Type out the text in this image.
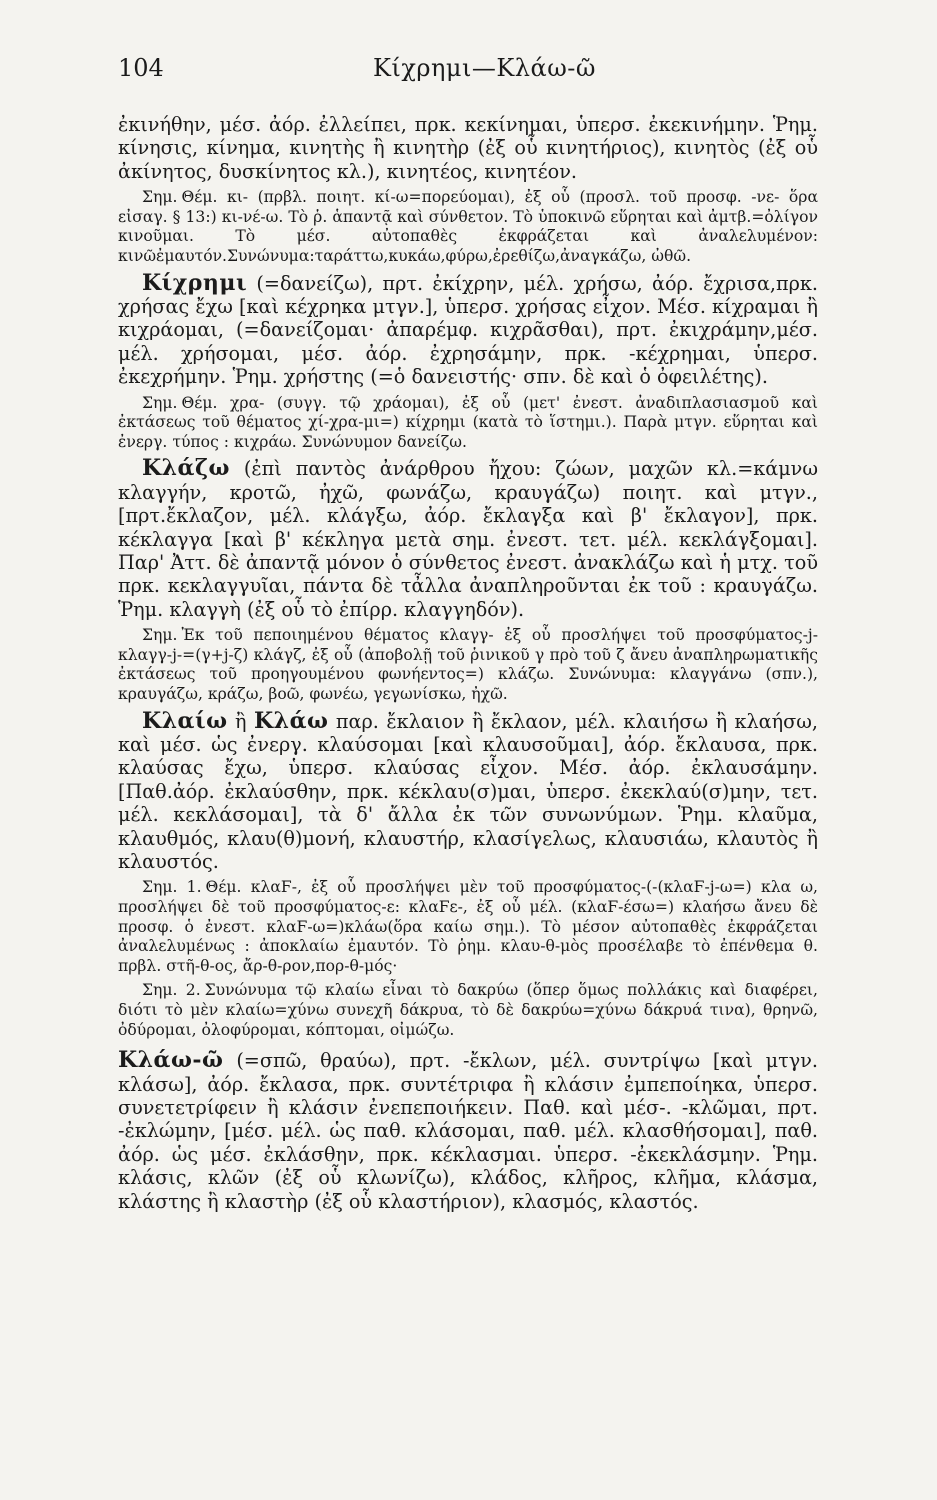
104	Κίχρημι—Κλάω-ῶ

ἐκινήθην, μέσ. ἀόρ. ἐλλείπει, πρκ. κεκίνημαι, ὑπερσ. ἐκεκινήμην. Ῥημ. κίνησις, κίνημα, κινητὴς ἢ κινητὴρ (ἐξ οὗ κινητήριος), κινητὸς (ἐξ οὗ ἀκίνητος, δυσκίνητος κλ.), κινητέος, κινητέον.

Σημ. Θέμ. κι- (πρβλ. ποιητ. κί-ω=πορεύομαι), ἐξ οὗ (προσλ. τοῦ προσφ. -νε- ὅρα εἰσαγ. § 13:) κι-νέ-ω. Τὸ ῥ. ἁπαντᾷ καὶ σύνθετον. Τὸ ὑποκινῶ εὕρηται καὶ ἀμτβ.=ὀλίγον κινοῦμαι. Τὸ μέσ. αὐτοπαθὲς ἐκφράζεται καὶ ἀναλελυμένον: κινῶἐμαυτόν.Συνώνυμα:ταράττω,κυκάω,φύρω,ἐρεθίζω,ἀναγκάζω, ὠθῶ.

Κίχρημι (=δανείζω), πρτ. ἐκίχρην, μέλ. χρήσω, ἀόρ. ἔχρισα,πρκ. χρήσας ἔχω [καὶ κέχρηκα μτγν.], ὑπερσ. χρήσας εἶχον. Μέσ. κίχραμαι ἢ κιχράομαι, (=δανείζομαι· ἀπαρέμφ. κιχρᾶσθαι), πρτ. ἐκιχράμην,μέσ. μέλ. χρήσομαι, μέσ. ἀόρ. ἐχρησάμην, πρκ. -κέχρημαι, ὑπερσ. ἐκεχρήμην. Ῥημ. χρήστης (=ὁ δανειστής· σπν. δὲ καὶ ὁ ὀφειλέτης).

Σημ. Θέμ. χρα- (συγγ. τῷ χράομαι), ἐξ οὗ (μετ' ἐνεστ. ἀναδιπλασιασμοῦ καὶ ἐκτάσεως τοῦ θέματος χί-χρα-μι=) κίχρημι (κατὰ τὸ ἵστημι.). Παρὰ μτγν. εὕρηται καὶ ἐνεργ. τύπος : κιχράω. Συνώνυμον δανείζω.

Κλάζω (ἐπὶ παντὸς ἀνάρθρου ἤχου: ζώων, μαχῶν κλ.=κάμνω κλαγγήν, κροτῶ, ἠχῶ, φωνάζω, κραυγάζω) ποιητ. καὶ μτγν.,[πρτ.ἔκλαζον, μέλ. κλάγξω, ἀόρ. ἔκλαγξα καὶ β' ἔκλαγον], πρκ. κέκλαγγα [καὶ β' κέκληγα μετὰ σημ. ἐνεστ. τετ. μέλ. κεκλάγξομαι]. Παρ' Ἀττ. δὲ ἀπαντᾷ μόνον ὁ σύνθετος ἐνεστ. ἀνακλάζω καὶ ἡ μτχ. τοῦ πρκ. κεκλαγγυῖαι, πάντα δὲ τἆλλα ἀναπληροῦνται ἐκ τοῦ : κραυγάζω. Ῥημ. κλαγγὴ (ἐξ οὗ τὸ ἐπίρρ. κλαγγηδόν).

Σημ. Ἐκ τοῦ πεποιημένου θέματος κλαγγ- ἐξ οὗ προσλήψει τοῦ προσφύματος-j-κλαγγ-j-=(γ+j-ζ) κλάγζ, ἐξ οὗ (ἀποβολῇ τοῦ ῥινικοῦ γ πρὸ τοῦ ζ ἄνευ ἀναπληρωματικῆς ἐκτάσεως τοῦ προηγουμένου φωνήεντος=) κλάζω. Συνώνυμα: κλαγγάνω (σπν.), κραυγάζω, κράζω, βοῶ, φωνέω, γεγωνίσκω, ἠχῶ.

Κλαίω ἢ Κλάω παρ. ἔκλαιον ἢ ἔκλαον, μέλ. κλαιήσω ἢ κλαήσω, καὶ μέσ. ὡς ἐνεργ. κλαύσομαι [καὶ κλαυσοῦμαι], ἀόρ. ἔκλαυσα, πρκ. κλαύσας ἔχω, ὑπερσ. κλαύσας εἶχον. Μέσ. ἀόρ. ἐκλαυσάμην. [Παθ.ἀόρ. ἐκλαύσθην, πρκ. κέκλαυ(σ)μαι, ὑπερσ. ἐκεκλαύ(σ)μην, τετ. μέλ. κεκλάσομαι], τὰ δ' ἄλλα ἐκ τῶν συνωνύμων. Ῥημ. κλαῦμα, κλαυθμός, κλαυ(θ)μονή, κλαυστήρ, κλασίγελως, κλαυσιάω, κλαυτὸς ἢ κλαυστός.

Σημ. 1. Θέμ. κλαϜ-, ἐξ οὗ προσλήψει μὲν τοῦ προσφύματος-(-(κλαϜ-j-ω=) κλα ω, προσλήψει δὲ τοῦ προσφύματος-ε: κλαϜε-, ἐξ οὗ μέλ. (κλαϜ-έσω=) κλαήσω ἄνευ δὲ προσφ. ὁ ἐνεστ. κλαϜ-ω=)κλάω(ὅρα καίω σημ.). Τὸ μέσον αὐτοπαθὲς ἐκφράζεται ἀναλελυμένως : ἀποκλαίω ἐμαυτόν. Τὸ ῥημ. κλαυ-θ-μὸς προσέλαβε τὸ ἐπένθεμα θ. πρβλ. στῆ-θ-ος, ἄρ-θ-ρον,πορ-θ-μός·

Σημ. 2. Συνώνυμα τῷ κλαίω εἶναι τὸ δακρύω (ὅπερ ὅμως πολλάκις καὶ διαφέρει, διότι τὸ μὲν κλαίω=χύνω συνεχῆ δάκρυα, τὸ δὲ δακρύω=χύνω δάκρυά τινα), θρηνῶ, ὀδύρομαι, ὀλοφύρομαι, κόπτομαι, οἰμώζω.

Κλάω-ῶ (=σπῶ, θραύω), πρτ. -ἔκλων, μέλ. συντρίψω [καὶ μτγν. κλάσω], ἀόρ. ἔκλασα, πρκ. συντέτριφα ἢ κλάσιν ἐμπεποίηκα, ὑπερσ. συνετετρίφειν ἢ κλάσιν ἐνεπεποιήκειν. Παθ. καὶ μέσ-. -κλῶμαι, πρτ. -ἐκλώμην, [μέσ. μέλ. ὡς παθ. κλάσομαι, παθ. μέλ. κλασθήσομαι], παθ. ἀόρ. ὡς μέσ. ἐκλάσθην, πρκ. κέκλασμαι. ὑπερσ. -ἐκεκλάσμην. Ῥημ. κλάσις, κλῶν (ἐξ οὗ κλωνίζω), κλάδος, κλῆρος, κλῆμα, κλάσμα, κλάστης ἢ κλαστὴρ (ἐξ οὗ κλαστήριον), κλασμός, κλαστός.
